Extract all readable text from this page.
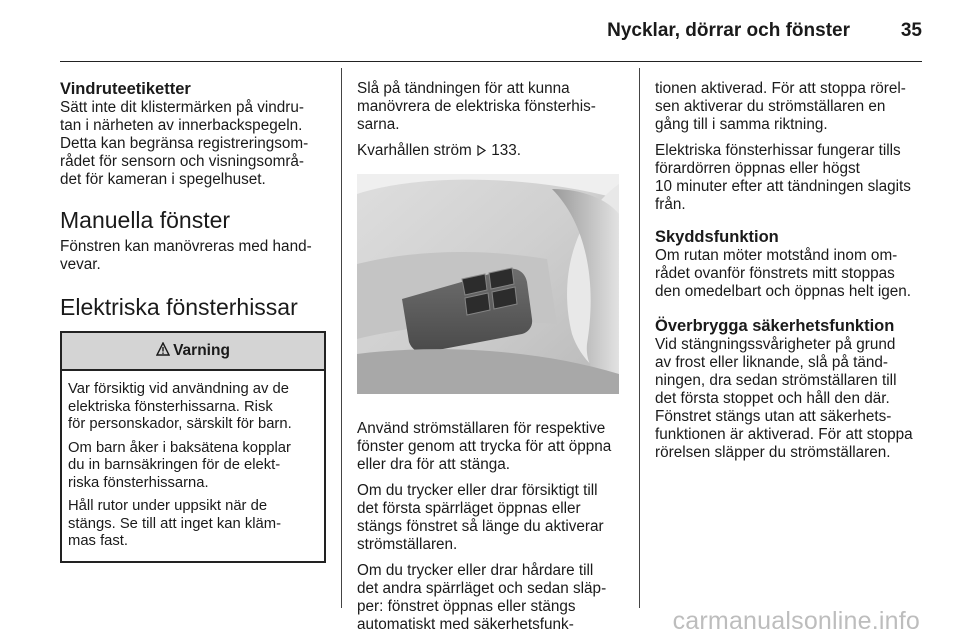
Nycklar, dörrar och fönster	35
Vindruteetiketter
Sätt inte dit klistermärken på vindru-
tan i närheten av innerbackspegeln.
Detta kan begränsa registreringsom-
rådet för sensorn och visningsområ-
det för kameran i spegelhuset.
Manuella fönster
Fönstren kan manövreras med hand-
vevar.
Elektriska fönsterhissar
Varning

Var försiktig vid användning av de
elektriska fönsterhissarna. Risk
för personskador, särskilt för barn.

Om barn åker i baksätena kopplar
du in barnsäkringen för de elekt-
riska fönsterhissarna.

Håll rutor under uppsikt när de
stängs. Se till att inget kan kläm-
mas fast.

Slå på tändningen för att kunna
manövrera de elektriska fönsterhis-
sarna.

Kvarhållen ström 133.

Använd strömställaren för respektive
fönster genom att trycka för att öppna
eller dra för att stänga.

Om du trycker eller drar försiktigt till
det första spärrläget öppnas eller
stängs fönstret så länge du aktiverar
strömställaren.

Om du trycker eller drar hårdare till
det andra spärrläget och sedan släp-
per: fönstret öppnas eller stängs
automatiskt med säkerhetsfunk-

tionen aktiverad. För att stoppa rörel-
sen aktiverar du strömställaren en
gång till i samma riktning.

Elektriska fönsterhissar fungerar tills
förardörren öppnas eller högst
10 minuter efter att tändningen slagits
från.

Skyddsfunktion
Om rutan möter motstånd inom om-
rådet ovanför fönstrets mitt stoppas
den omedelbart och öppnas helt igen.
Överbrygga säkerhetsfunktion
Vid stängningssvårigheter på grund
av frost eller liknande, slå på tänd-
ningen, dra sedan strömställaren till
det första stoppet och håll den där.
Fönstret stängs utan att säkerhets-
funktionen är aktiverad. För att stoppa
rörelsen släpper du strömställaren.
carmanualsonline.info
